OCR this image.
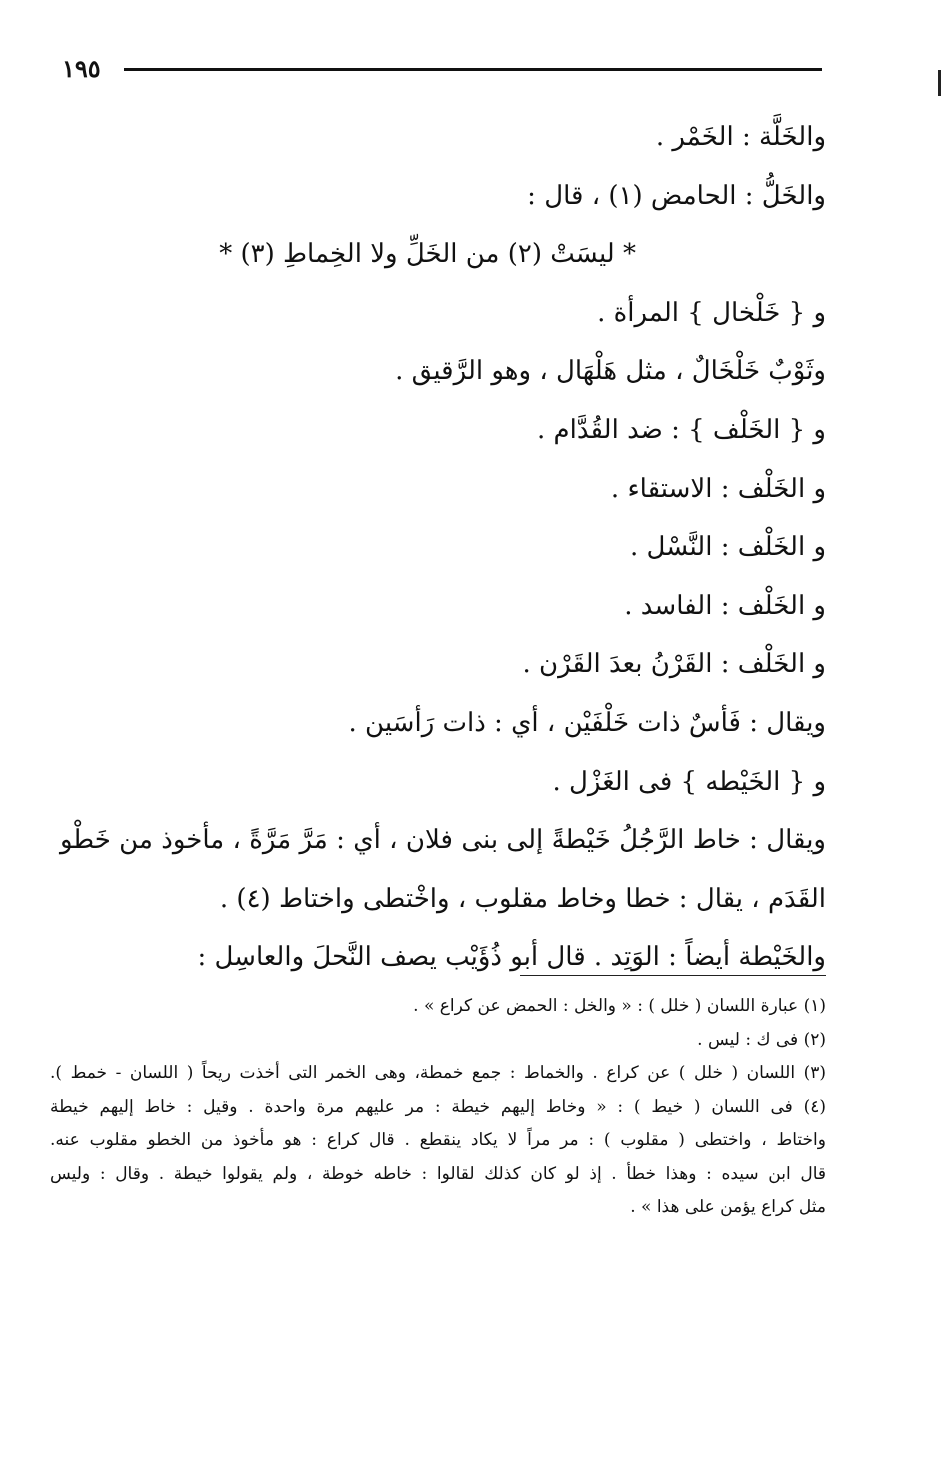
١٩٥
والخَلَّة : الخَمْر .
والخَلُّ : الحامض (١) ، قال :
* ليسَتْ (٢) من الخَلِّ ولا الخِماطِ (٣) *
و { خَلْخال } المرأة .
وثَوْبٌ خَلْخَالٌ ، مثل هَلْهَال ، وهو الرَّقيق .
و { الخَلْف } : ضد القُدَّام .
و الخَلْف : الاستقاء .
و الخَلْف : النَّسْل .
و الخَلْف : الفاسد .
و الخَلْف : القَرْنُ بعدَ القَرْن .
ويقال : فَأسٌ ذات خَلْفَيْن ، أي : ذات رَأسَين .
و { الخَيْطه } فى الغَزْل .
ويقال : خاط الرَّجُلُ خَيْطةً إلى بنى فلان ، أي : مَرَّ مَرَّةً ، مأخوذ من خَطْو
القَدَم ، يقال : خطا وخاط مقلوب ، واخْتطى واختاط (٤) .
والخَيْطة أيضاً : الوَتِد . قال أبو ذُؤَيْب يصف النَّحلَ والعاسِل :
(١) عبارة اللسان ( خلل ) : « والخل : الحمض عن كراع » .
(٢) فى ك : ليس .
(٣) اللسان ( خلل ) عن كراع . والخماط : جمع خمطة، وهى الخمر التى أخذت ريحاً ( اللسان - خمط ).
(٤) فى اللسان ( خيط ) : « وخاط إليهم خيطة : مر عليهم مرة واحدة . وقيل : خاط إليهم خيطة
واختاط ، واختطى ( مقلوب ) : مر مراً لا يكاد ينقطع . قال كراع : هو مأخوذ من الخطو مقلوب عنه.
قال ابن سيده : وهذا خطأ . إذ لو كان كذلك لقالوا : خاطه خوطة ، ولم يقولوا خيطة . وقال : وليس
مثل كراع يؤمن على هذا » .
